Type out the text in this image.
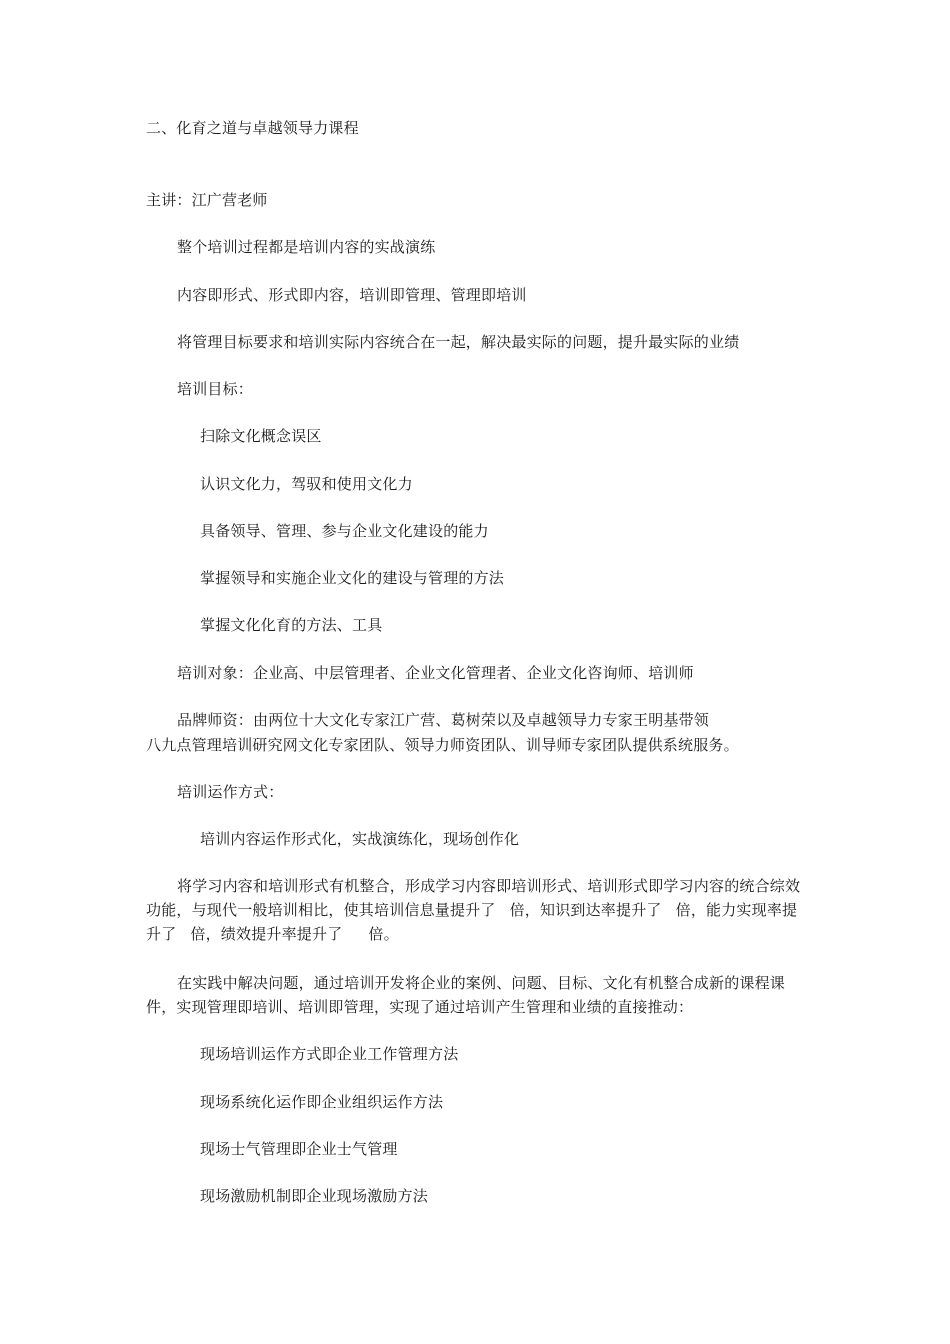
二、化育之道与卓越领导力课程
主讲：江广营老师
整个培训过程都是培训内容的实战演练
内容即形式、形式即内容，培训即管理、管理即培训
将管理目标要求和培训实际内容统合在一起，解决最实际的问题，提升最实际的业绩
培训目标：
扫除文化概念误区
认识文化力，驾驭和使用文化力
具备领导、管理、参与企业文化建设的能力
掌握领导和实施企业文化的建设与管理的方法
掌握文化化育的方法、工具
培训对象：企业高、中层管理者、企业文化管理者、企业文化咨询师、培训师
品牌师资：由两位十大文化专家江广营、葛树荣以及卓越领导力专家王明基带领
八九点管理培训研究网文化专家团队、领导力师资团队、训导师专家团队提供系统服务。
培训运作方式：
培训内容运作形式化，实战演练化，现场创作化

将学习内容和培训形式有机整合，形成学习内容即培训形式、培训形式即学习内容的统合综效功能，与现代一般培训相比，使其培训信息量提升了 倍，知识到达率提升了 倍，能力实现率提升了 倍，绩效提升率提升了 倍。

在实践中解决问题，通过培训开发将企业的案例、问题、目标、文化有机整合成新的课程课件，实现管理即培训、培训即管理，实现了通过培训产生管理和业绩的直接推动：

现场培训运作方式即企业工作管理方法
现场系统化运作即企业组织运作方法
现场士气管理即企业士气管理
现场激励机制即企业现场激励方法
